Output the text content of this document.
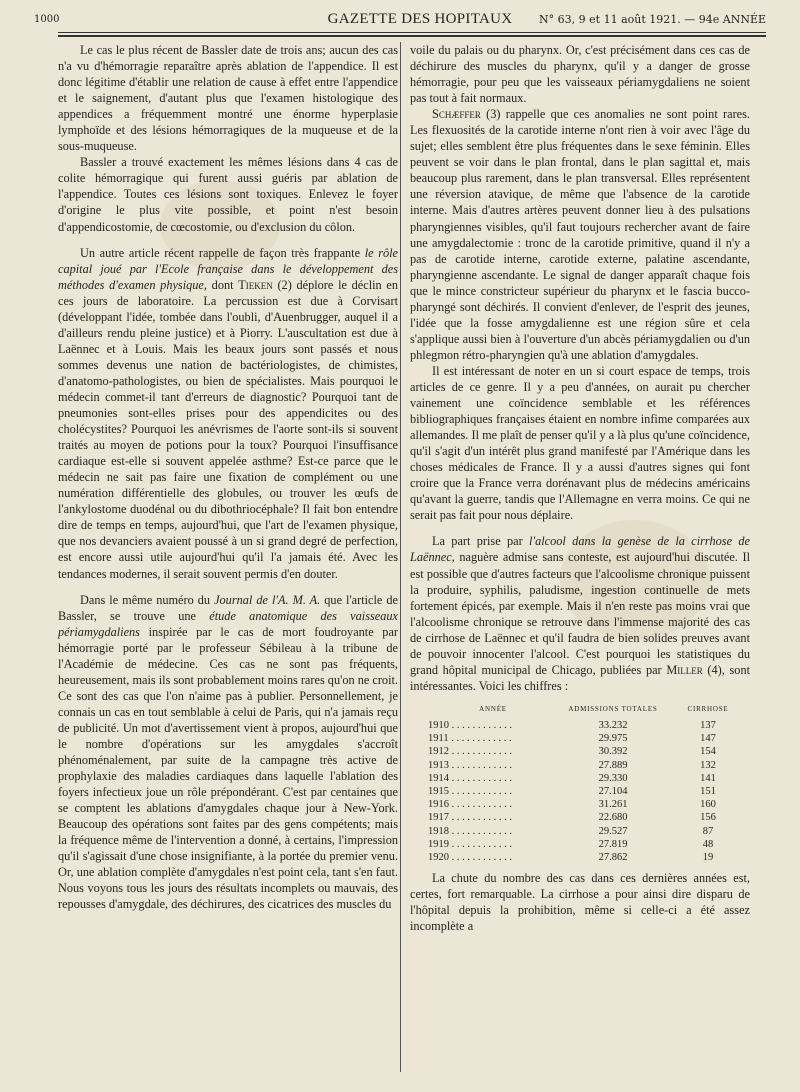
1000	GAZETTE DES HOPITAUX	N° 63, 9 et 11 août 1921. — 94e ANNÉE

Le cas le plus récent de Bassler date de trois ans; aucun des cas n'a vu d'hémorragie reparaître après ablation de l'appendice. Il est donc légitime d'établir une relation de cause à effet entre l'appendice et le saignement, d'autant plus que l'examen histologique des appendices a fréquemment montré une énorme hyperplasie lymphoïde et des lésions hémorragiques de la muqueuse et de la sous-muqueuse.

Bassler a trouvé exactement les mêmes lésions dans 4 cas de colite hémorragique qui furent aussi guéris par ablation de l'appendice. Toutes ces lésions sont toxiques. Enlevez le foyer d'origine le plus vite possible, et point n'est besoin d'appendicostomie, de cœcostomie, ou d'exclusion du côlon.

Un autre article récent rappelle de façon très frappante le rôle capital joué par l'Ecole française dans le développement des méthodes d'examen physique, dont Tieken (2) déplore le déclin en ces jours de laboratoire. La percussion est due à Corvisart (développant l'idée, tombée dans l'oubli, d'Auenbrugger, auquel il a d'ailleurs rendu pleine justice) et à Piorry. L'auscultation est due à Laënnec et à Louis. Mais les beaux jours sont passés et nous sommes devenus une nation de bactériologistes, de chimistes, d'anatomo-pathologistes, ou bien de spécialistes. Mais pourquoi le médecin commet-il tant d'erreurs de diagnostic? Pourquoi tant de pneumonies sont-elles prises pour des appendicites ou des cholécystites? Pourquoi les anévrismes de l'aorte sont-ils si souvent traités au moyen de potions pour la toux? Pourquoi l'insuffisance cardiaque est-elle si souvent appelée asthme? Est-ce parce que le médecin ne sait pas faire une fixation de complément ou une numération différentielle des globules, ou trouver les œufs de l'ankylostome duodénal ou du dibothriocéphale? Il fait bon entendre dire de temps en temps, aujourd'hui, que l'art de l'examen physique, que nos devanciers avaient poussé à un si grand degré de perfection, est encore aussi utile aujourd'hui qu'il l'a jamais été. Avec les tendances modernes, il serait souvent permis d'en douter.

Dans le même numéro du Journal de l'A. M. A. que l'article de Bassler, se trouve une étude anatomique des vaisseaux périamygdaliens inspirée par le cas de mort foudroyante par hémorragie porté par le professeur Sébileau à la tribune de l'Académie de médecine. Ces cas ne sont pas fréquents, heureusement, mais ils sont probablement moins rares qu'on ne croit. Ce sont des cas que l'on n'aime pas à publier. Personnellement, je connais un cas en tout semblable à celui de Paris, qui n'a jamais reçu de publicité. Un mot d'avertissement vient à propos, aujourd'hui que le nombre d'opérations sur les amygdales s'accroît phénoménalement, par suite de la campagne très active de prophylaxie des maladies cardiaques dans laquelle l'ablation des foyers infectieux joue un rôle prépondérant. C'est par centaines que se comptent les ablations d'amygdales chaque jour à New-York. Beaucoup des opérations sont faites par des gens compétents; mais la fréquence même de l'intervention a donné, à certains, l'impression qu'il s'agissait d'une chose insignifiante, à la portée du premier venu. Or, une ablation complète d'amygdales n'est point cela, tant s'en faut. Nous voyons tous les jours des résultats incomplets ou mauvais, des repousses d'amygdale, des déchirures, des cicatrices des muscles du

voile du palais ou du pharynx. Or, c'est précisément dans ces cas de déchirure des muscles du pharynx, qu'il y a danger de grosse hémorragie, pour peu que les vaisseaux périamygdaliens ne soient pas tout à fait normaux.

Schæffer (3) rappelle que ces anomalies ne sont point rares. Les flexuosités de la carotide interne n'ont rien à voir avec l'âge du sujet; elles semblent être plus fréquentes dans le sexe féminin. Elles peuvent se voir dans le plan frontal, dans le plan sagittal et, mais beaucoup plus rarement, dans le plan transversal. Elles représentent une réversion atavique, de même que l'absence de la carotide interne. Mais d'autres artères peuvent donner lieu à des pulsations pharyngiennes visibles, qu'il faut toujours rechercher avant de faire une amygdalectomie : tronc de la carotide primitive, quand il n'y a pas de carotide interne, carotide externe, palatine ascendante, pharyngienne ascendante. Le signal de danger apparaît chaque fois que le mince constricteur supérieur du pharynx et le fascia bucco-pharyngé sont déchirés. Il convient d'enlever, de l'esprit des jeunes, l'idée que la fosse amygdalienne est une région sûre et cela s'applique aussi bien à l'ouverture d'un abcès périamygdalien ou d'un phlegmon rétro-pharyngien qu'à une ablation d'amygdales.

Il est intéressant de noter en un si court espace de temps, trois articles de ce genre. Il y a peu d'années, on aurait pu chercher vainement une coïncidence semblable et les références bibliographiques françaises étaient en nombre infime comparées aux allemandes. Il me plaît de penser qu'il y a là plus qu'une coïncidence, qu'il s'agit d'un intérêt plus grand manifesté par l'Amérique dans les choses médicales de France. Il y a aussi d'autres signes qui font croire que la France verra dorénavant plus de médecins américains qu'avant la guerre, tandis que l'Allemagne en verra moins. Ce qui ne serait pas fait pour nous déplaire.

La part prise par l'alcool dans la genèse de la cirrhose de Laënnec, naguère admise sans conteste, est aujourd'hui discutée. Il est possible que d'autres facteurs que l'alcoolisme chronique puissent la produire, syphilis, paludisme, ingestion continuelle de mets fortement épicés, par exemple. Mais il n'en reste pas moins vrai que l'alcoolisme chronique se retrouve dans l'immense majorité des cas de cirrhose de Laënnec et qu'il faudra de bien solides preuves avant de pouvoir innocenter l'alcool. C'est pourquoi les statistiques du grand hôpital municipal de Chicago, publiées par Miller (4), sont intéressantes. Voici les chiffres :

ANNÉE	ADMISSIONS TOTALES	CIRRHOSE
1910 . . . . . . . . . . . .	33.232	137
1911 . . . . . . . . . . . .	29.975	147
1912 . . . . . . . . . . . .	30.392	154
1913 . . . . . . . . . . . .	27.889	132
1914 . . . . . . . . . . . .	29.330	141
1915 . . . . . . . . . . . .	27.104	151
1916 . . . . . . . . . . . .	31.261	160
1917 . . . . . . . . . . . .	22.680	156
1918 . . . . . . . . . . . .	29.527	87
1919 . . . . . . . . . . . .	27.819	48
1920 . . . . . . . . . . . .	27.862	19

La chute du nombre des cas dans ces dernières années est, certes, fort remarquable. La cirrhose a pour ainsi dire disparu de l'hôpital depuis la prohibition, même si celle-ci a été assez incomplète a
